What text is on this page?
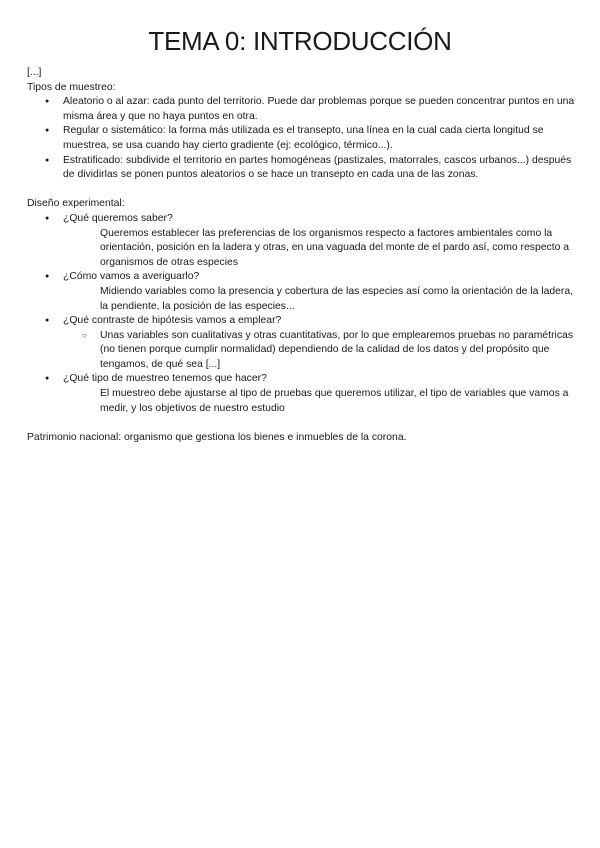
TEMA 0: INTRODUCCIÓN

[...]

Tipos de muestreo:

● Aleatorio o al azar: cada punto del territorio. Puede dar problemas porque se pueden concentrar puntos en una misma área y que no haya puntos en otra.
● Regular o sistemático: la forma más utilizada es el transepto, una línea en la cual cada cierta longitud se muestrea, se usa cuando hay cierto gradiente (ej: ecológico, térmico...).
● Estratificado: subdivide el territorio en partes homogéneas (pastizales, matorrales, cascos urbanos...) después de dividirlas se ponen puntos aleatorios o se hace un transepto en cada una de las zonas.

Diseño experimental:

● ¿Qué queremos saber?
Queremos establecer las preferencias de los organismos respecto a factores ambientales como la orientación, posición en la ladera y otras, en una vaguada del monte de el pardo así, como respecto a organismos de otras especies
● ¿Cómo vamos a averiguarlo?
Midiendo variables como la presencia y cobertura de las especies así como la orientación de la ladera, la pendiente, la posición de las especies...
● ¿Qué contraste de hipótesis vamos a emplear?
○ Unas variables son cualitativas y otras cuantitativas, por lo que emplearemos pruebas no paramétricas (no tienen porque cumplir normalidad) dependiendo de la calidad de los datos y del propósito que tengamos, de qué sea [...]
● ¿Qué tipo de muestreo tenemos que hacer?
El muestreo debe ajustarse al tipo de pruebas que queremos utilizar, el tipo de variables que vamos a medir, y los objetivos de nuestro estudio

Patrimonio nacional: organismo que gestiona los bienes e inmuebles de la corona.
